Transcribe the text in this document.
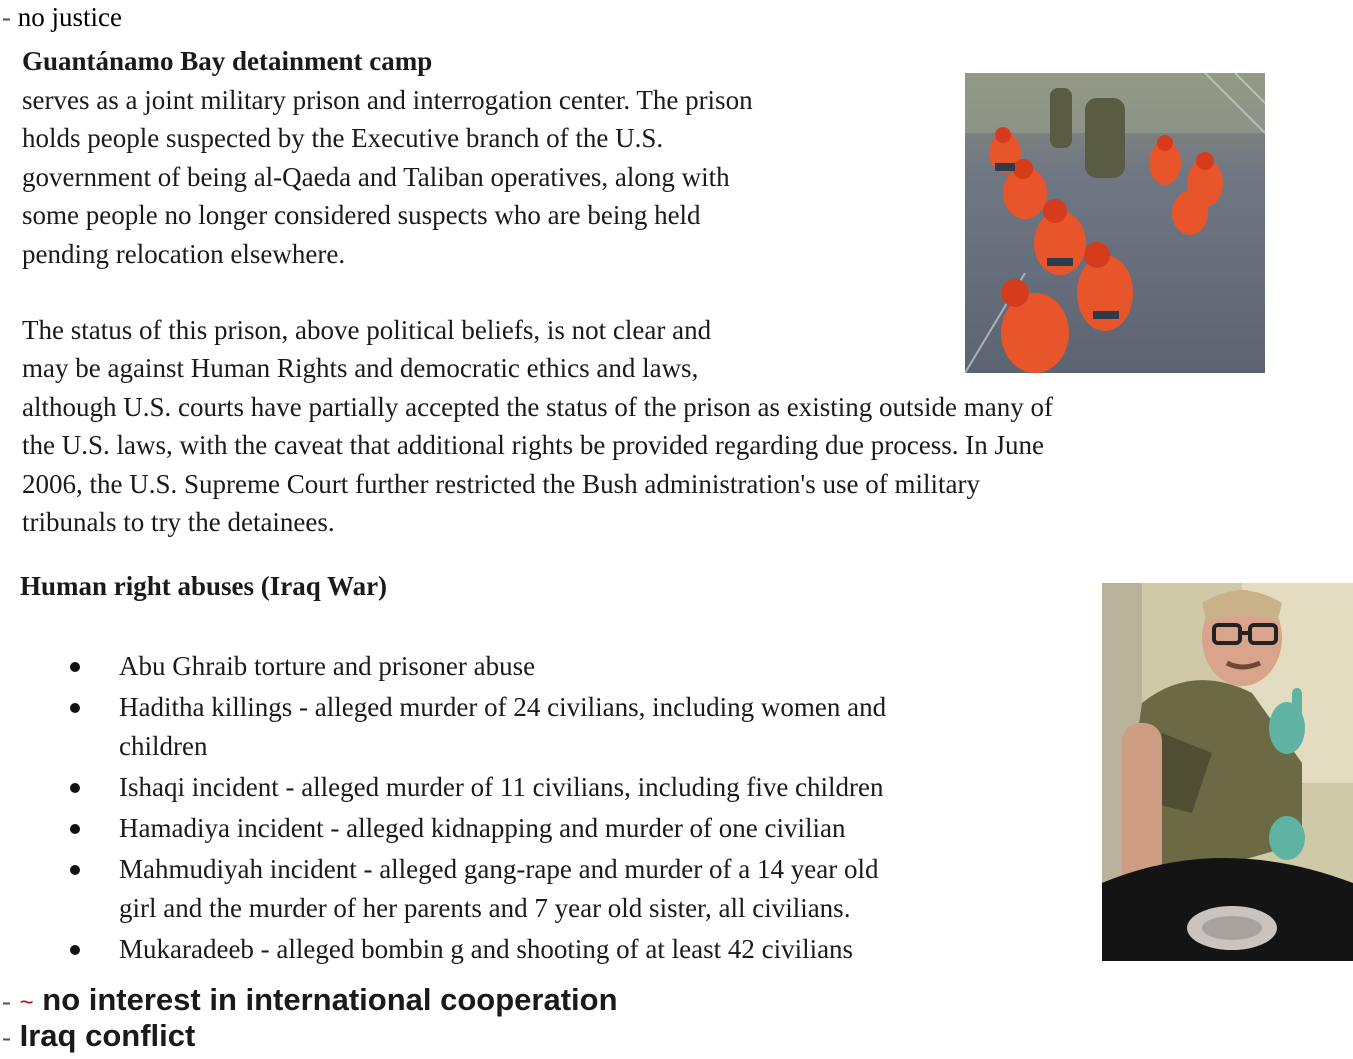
- no justice
Guantánamo Bay detainment camp
serves as a joint military prison and interrogation center. The prison
holds people suspected by the Executive branch of the U.S.
government of being al-Qaeda and Taliban operatives, along with
some people no longer considered suspects who are being held
pending relocation elsewhere.
The status of this prison, above political beliefs, is not clear and
may be against Human Rights and democratic ethics and laws,
although U.S. courts have partially accepted the status of the prison as existing outside many of
the U.S. laws, with the caveat that additional rights be provided regarding due process. In June
2006, the U.S. Supreme Court further restricted the Bush administration's use of military
tribunals to try the detainees.
Human right abuses (Iraq War)
Abu Ghraib torture and prisoner abuse
Haditha killings - alleged murder of 24 civilians, including women and
children
Ishaqi incident - alleged murder of 11 civilians, including five children
Hamadiya incident - alleged kidnapping and murder of one civilian
Mahmudiyah incident - alleged gang-rape and murder of a 14 year old
girl and the murder of her parents and 7 year old sister, all civilians.
Mukaradeeb - alleged bombin g and shooting of at least 42 civilians
- ~ no interest in international cooperation
- Iraq conflict
